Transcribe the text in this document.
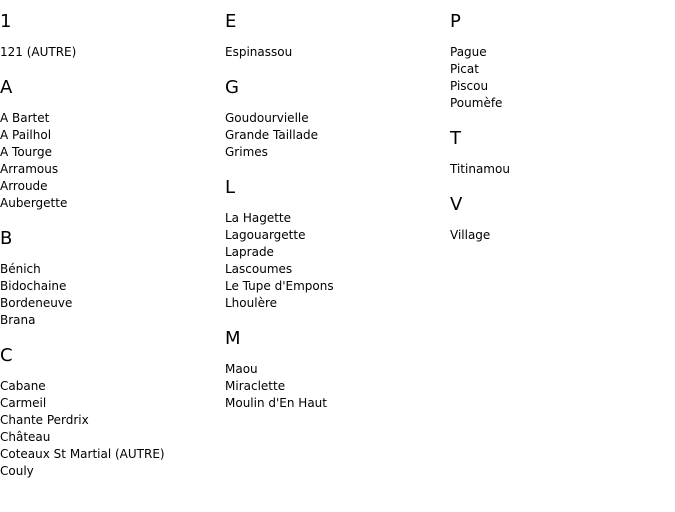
1
121 (AUTRE)
A
A Bartet
A Pailhol
A Tourge
Arramous
Arroude
Aubergette
B
Bénich
Bidochaine
Bordeneuve
Brana
C
Cabane
Carmeil
Chante Perdrix
Château
Coteaux St Martial (AUTRE)
Couly
E
Espinassou
G
Goudourvielle
Grande Taillade
Grimes
L
La Hagette
Lagouargette
Laprade
Lascoumes
Le Tupe d'Empons
Lhoulère
M
Maou
Miraclette
Moulin d'En Haut
P
Pague
Picat
Piscou
Poumèfe
T
Titinamou
V
Village
